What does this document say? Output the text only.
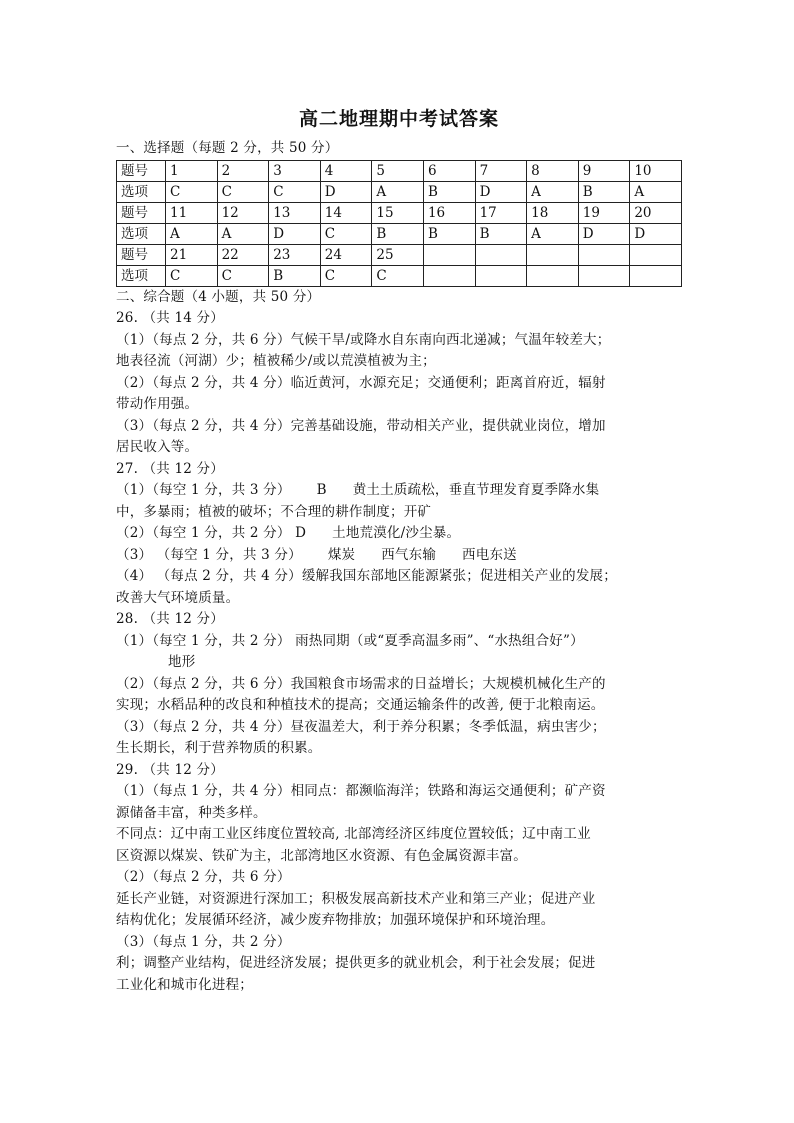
高二地理期中考试答案
一、选择题（每题 2 分，共 50 分）
题号	1	2	3	4	5	6	7	8	9	10
选项	C	C	C	D	A	B	D	A	B	A
题号	11	12	13	14	15	16	17	18	19	20
选项	A	A	D	C	B	B	B	A	D	D
题号	21	22	23	24	25					
选项	C	C	B	C	C					
二、综合题（4 小题，共 50 分）
26. （共 14 分）
（1）（每点 2 分，共 6 分）气候干旱/或降水自东南向西北递减；气温年较差大；
地表径流（河湖）少；植被稀少/或以荒漠植被为主；
（2）（每点 2 分，共 4 分）临近黄河，水源充足；交通便利；距离首府近，辐射
带动作用强。
（3）（每点 2 分，共 4 分）完善基础设施，带动相关产业，提供就业岗位，增加
居民收入等。
27. （共 12 分）
（1）（每空 1 分，共 3 分） B 黄土土质疏松，垂直节理发育夏季降水集
中，多暴雨；植被的破坏；不合理的耕作制度；开矿
（2）（每空 1 分，共 2 分） D 土地荒漠化/沙尘暴。
（3） （每空 1 分，共 3 分） 煤炭 西气东输 西电东送
（4） （每点 2 分，共 4 分）缓解我国东部地区能源紧张；促进相关产业的发展；
改善大气环境质量。
28. （共 12 分）
（1）（每空 1 分，共 2 分） 雨热同期（或“夏季高温多雨”、“水热组合好”）
地形
（2）（每点 2 分，共 6 分）我国粮食市场需求的日益增长；大规模机械化生产的
实现；水稻品种的改良和种植技术的提高；交通运输条件的改善, 便于北粮南运。
（3）（每点 2 分，共 4 分）昼夜温差大，利于养分积累；冬季低温，病虫害少；
生长期长，利于营养物质的积累。
29. （共 12 分）
（1）（每点 1 分，共 4 分）相同点：都濒临海洋；铁路和海运交通便利；矿产资
源储备丰富，种类多样。
不同点：辽中南工业区纬度位置较高, 北部湾经济区纬度位置较低；辽中南工业
区资源以煤炭、铁矿为主，北部湾地区水资源、有色金属资源丰富。
（2）（每点 2 分，共 6 分）
延长产业链，对资源进行深加工；积极发展高新技术产业和第三产业；促进产业
结构优化；发展循环经济，减少废弃物排放；加强环境保护和环境治理。
（3）（每点 1 分，共 2 分）
利；调整产业结构，促进经济发展；提供更多的就业机会，利于社会发展；促进
工业化和城市化进程；
